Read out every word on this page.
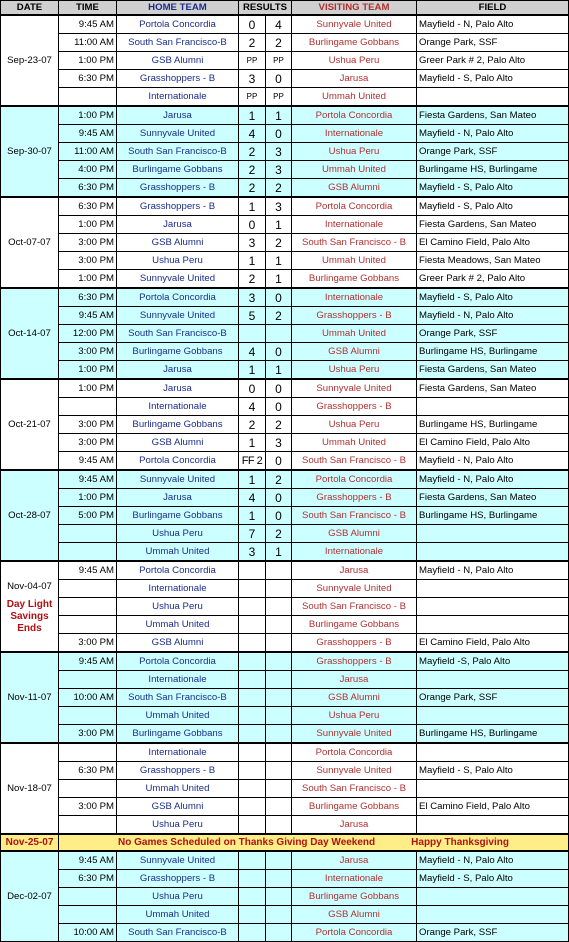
DATE	TIME	HOME TEAM	RESULTS		VISITING TEAM	FIELD

Sep-23-07	9:45 AM	Portola Concordia	0	4	Sunnyvale United	Mayfield - N, Palo Alto
	11:00 AM	South San Francisco-B	2	2	Burlingame Gobbans	Orange Park, SSF
	1:00 PM	GSB Alumni	PP	PP	Ushua Peru	Greer Park # 2, Palo Alto
	6:30 PM	Grasshoppers - B	3	0	Jarusa	Mayfield - S, Palo Alto
		Internationale	PP	PP	Ummah United	

Sep-30-07	1:00 PM	Jarusa	1	1	Portola Concordia	Fiesta Gardens, San Mateo
	9:45 AM	Sunnyvale United	4	0	Internationale	Mayfield - N, Palo Alto
	11:00 AM	South San Francisco-B	2	3	Ushua Peru	Orange Park, SSF
	4:00 PM	Burlingame Gobbans	2	3	Ummah United	Burlingame HS, Burlingame
	6:30 PM	Grasshoppers - B	2	2	GSB Alumni	Mayfield - S, Palo Alto

Oct-07-07	6:30 PM	Grasshoppers - B	1	3	Portola Concordia	Mayfield - S, Palo Alto
	1:00 PM	Jarusa	0	1	Internationale	Fiesta Gardens, San Mateo
	3:00 PM	GSB Alumni	3	2	South San Francisco - B	El Camino Field, Palo Alto
	3:00 PM	Ushua Peru	1	1	Ummah United	Fiesta Meadows, San Mateo
	1:00 PM	Sunnyvale United	2	1	Burlingame Gobbans	Greer Park # 2, Palo Alto

Oct-14-07	6:30 PM	Portola Concordia	3	0	Internationale	Mayfield - S, Palo Alto
	9:45 AM	Sunnyvale United	5	2	Grasshoppers - B	Mayfield - N, Palo Alto
	12:00 PM	South San Francisco-B			Ummah United	Orange Park, SSF
	3:00 PM	Burlingame Gobbans	4	0	GSB Alumni	Burlingame HS, Burlingame
	1:00 PM	Jarusa	1	1	Ushua Peru	Fiesta Gardens, San Mateo

Oct-21-07	1:00 PM	Jarusa	0	0	Sunnyvale United	Fiesta Gardens, San Mateo
		Internationale	4	0	Grasshoppers - B	
	3:00 PM	Burlingame Gobbans	2	2	Ushua Peru	Burlingame HS, Burlingame
	3:00 PM	GSB Alumni	1	3	Ummah United	El Camino Field, Palo Alto
	9:45 AM	Portola Concordia	FF 2	0	South San Francisco - B	Mayfield - N, Palo Alto

Oct-28-07	9:45 AM	Sunnyvale United	1	2	Portola Concordia	Mayfield - N, Palo Alto
	1:00 PM	Jarusa	4	0	Grasshoppers - B	Fiesta Gardens, San Mateo
	5:00 PM	Burlingame Gobbans	1	0	South San Francisco - B	Burlingame HS, Burlingame
		Ushua Peru	7	2	GSB Alumni	
		Ummah United	3	1	Internationale	

Nov-04-07
Day Light Savings Ends	9:45 AM	Portola Concordia			Jarusa	Mayfield - N, Palo Alto
		Internationale			Sunnyvale United	
		Ushua Peru			South San Francisco - B	
		Ummah United			Burlingame Gobbans	
	3:00 PM	GSB Alumni			Grasshoppers - B	El Camino Field, Palo Alto

Nov-11-07	9:45 AM	Portola Concordia			Grasshoppers - B	Mayfield -S, Palo Alto
		Internationale			Jarusa	
	10:00 AM	South San Francisco-B			GSB Alumni	Orange Park, SSF
		Ummah United			Ushua Peru	
	3:00 PM	Burlingame Gobbans			Sunnyvale United	Burlingame HS, Burlingame

Nov-18-07		Internationale			Portola Concordia	
	6:30 PM	Grasshoppers - B			Sunnyvale United	Mayfield - S, Palo Alto
		Ummah United			South San Francisco - B	
	3:00 PM	GSB Alumni			Burlingame Gobbans	El Camino Field, Palo Alto
		Ushua Peru			Jarusa	
Nov-25-07	No Games Scheduled on Thanks Giving Day Weekend Happy Thanksgiving					

Dec-02-07	9:45 AM	Sunnyvale United			Jarusa	Mayfield - N, Palo Alto
	6:30 PM	Grasshoppers - B			Internationale	Mayfield - S, Palo Alto
		Ushua Peru			Burlingame Gobbans	
		Ummah United			GSB Alumni	
	10:00 AM	South San Francisco-B			Portola Concordia	Orange Park, SSF
